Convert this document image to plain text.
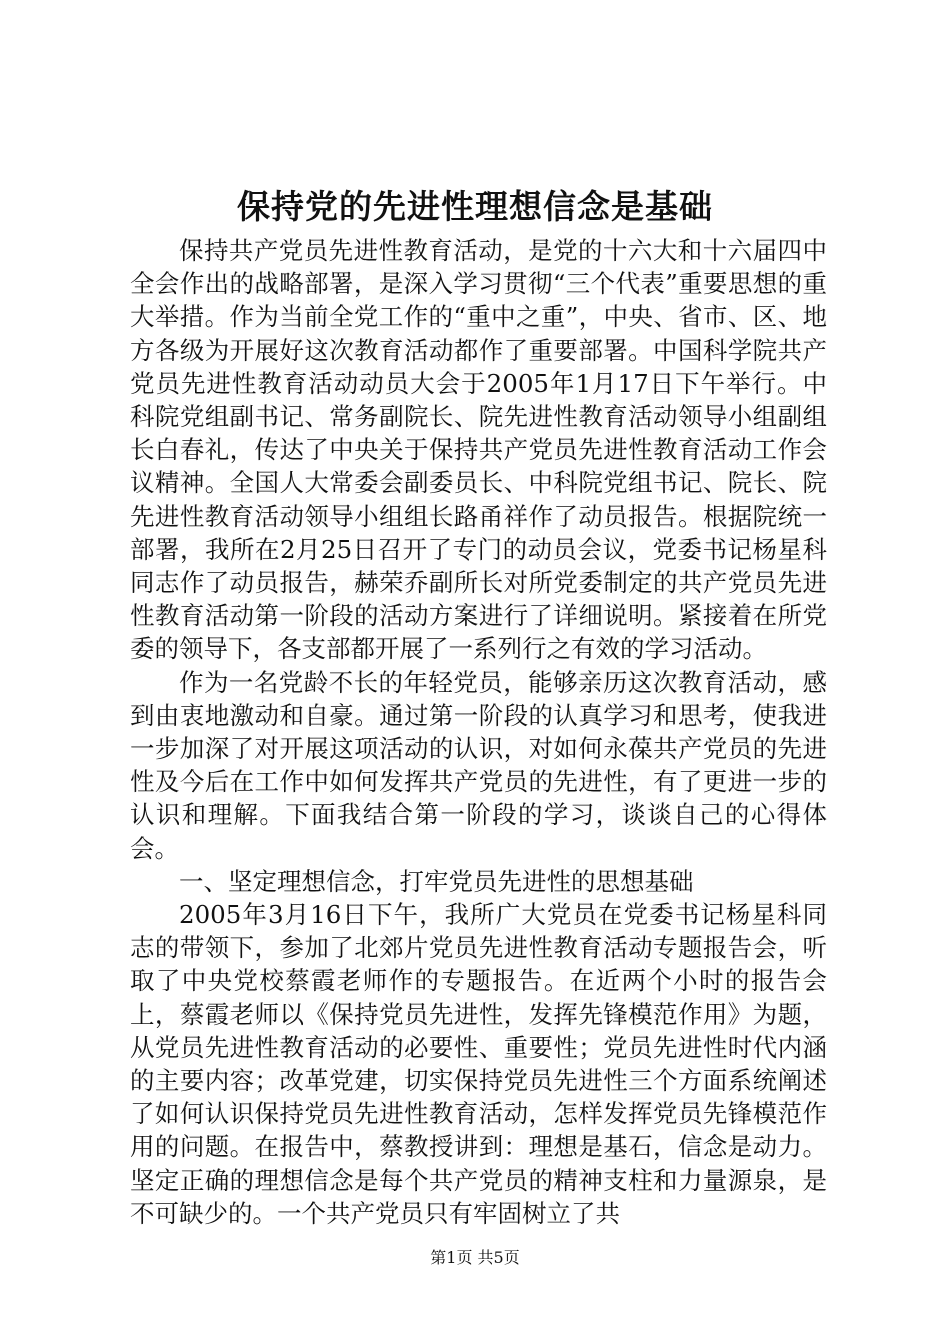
保持党的先进性理想信念是基础

保持共产党员先进性教育活动，是党的十六大和十六届四中全会作出的战略部署，是深入学习贯彻“三个代表”重要思想的重大举措。作为当前全党工作的“重中之重”，中央、省市、区、地方各级为开展好这次教育活动都作了重要部署。中国科学院共产党员先进性教育活动动员大会于2005年1月17日下午举行。中科院党组副书记、常务副院长、院先进性教育活动领导小组副组长白春礼，传达了中央关于保持共产党员先进性教育活动工作会议精神。全国人大常委会副委员长、中科院党组书记、院长、院先进性教育活动领导小组组长路甬祥作了动员报告。根据院统一部署，我所在2月25日召开了专门的动员会议，党委书记杨星科同志作了动员报告，赫荣乔副所长对所党委制定的共产党员先进性教育活动第一阶段的活动方案进行了详细说明。紧接着在所党委的领导下，各支部都开展了一系列行之有效的学习活动。

作为一名党龄不长的年轻党员，能够亲历这次教育活动，感到由衷地激动和自豪。通过第一阶段的认真学习和思考，使我进一步加深了对开展这项活动的认识，对如何永葆共产党员的先进性及今后在工作中如何发挥共产党员的先进性，有了更进一步的认识和理解。下面我结合第一阶段的学习，谈谈自己的心得体会。

一、坚定理想信念，打牢党员先进性的思想基础

2005年3月16日下午，我所广大党员在党委书记杨星科同志的带领下，参加了北郊片党员先进性教育活动专题报告会，听取了中央党校蔡霞老师作的专题报告。在近两个小时的报告会上，蔡霞老师以《保持党员先进性，发挥先锋模范作用》为题，从党员先进性教育活动的必要性、重要性；党员先进性时代内涵的主要内容；改革党建，切实保持党员先进性三个方面系统阐述了如何认识保持党员先进性教育活动，怎样发挥党员先锋模范作用的问题。在报告中，蔡教授讲到：理想是基石，信念是动力。坚定正确的理想信念是每个共产党员的精神支柱和力量源泉，是不可缺少的。一个共产党员只有牢固树立了共

第1页 共5页
